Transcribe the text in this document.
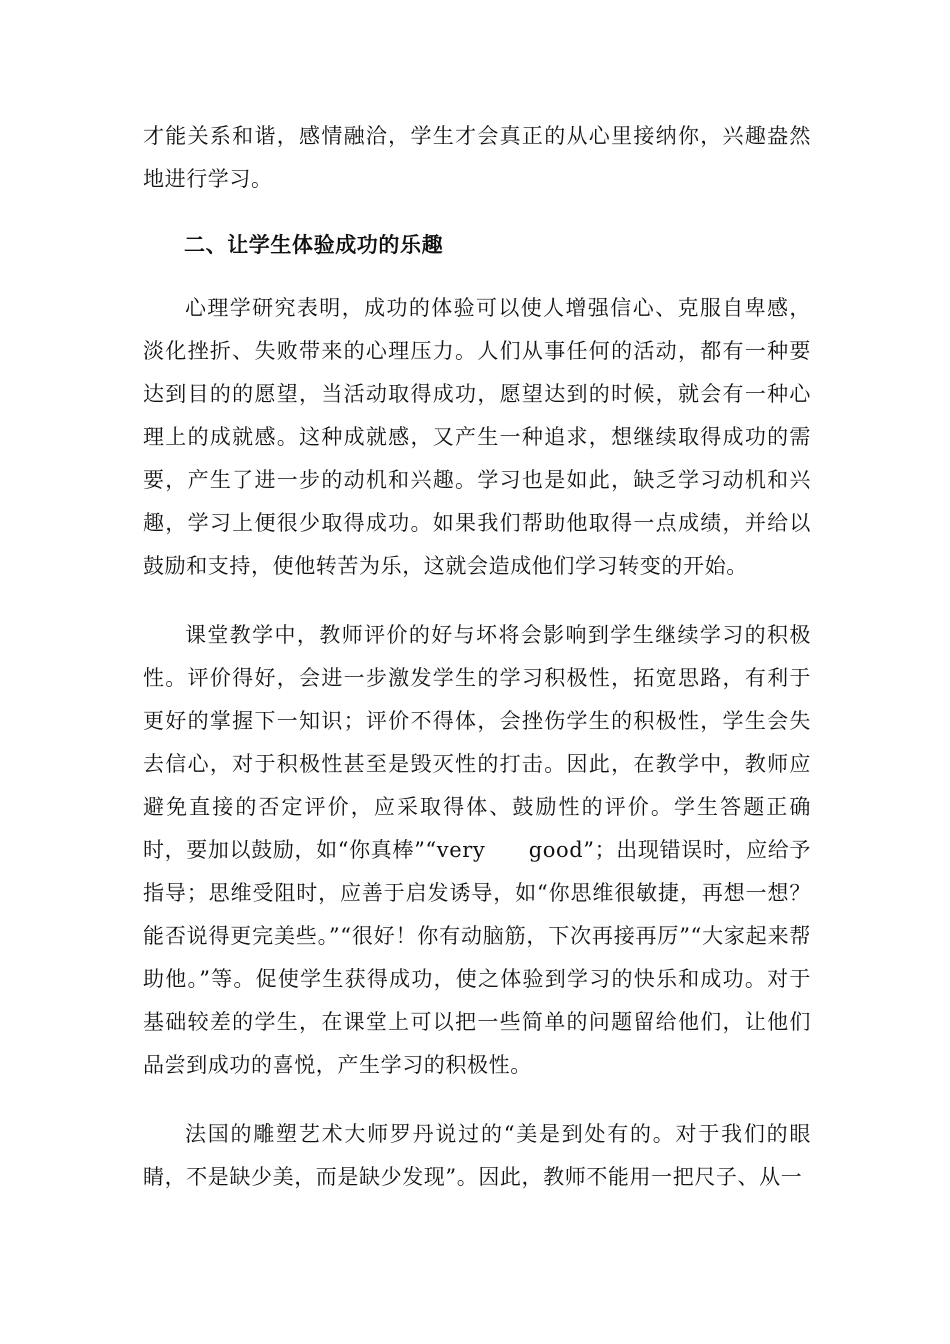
才能关系和谐，感情融洽，学生才会真正的从心里接纳你，兴趣盎然地进行学习。
二、让学生体验成功的乐趣
心理学研究表明，成功的体验可以使人增强信心、克服自卑感，淡化挫折、失败带来的心理压力。人们从事任何的活动，都有一种要达到目的的愿望，当活动取得成功，愿望达到的时候，就会有一种心理上的成就感。这种成就感，又产生一种追求，想继续取得成功的需要，产生了进一步的动机和兴趣。学习也是如此，缺乏学习动机和兴趣，学习上便很少取得成功。如果我们帮助他取得一点成绩，并给以鼓励和支持，使他转苦为乐，这就会造成他们学习转变的开始。
课堂教学中，教师评价的好与坏将会影响到学生继续学习的积极性。评价得好，会进一步激发学生的学习积极性，拓宽思路，有利于更好的掌握下一知识；评价不得体，会挫伤学生的积极性，学生会失去信心，对于积极性甚至是毁灭性的打击。因此，在教学中，教师应避免直接的否定评价，应采取得体、鼓励性的评价。学生答题正确时，要加以鼓励，如“你真棒”“very　　good”；出现错误时，应给予指导；思维受阻时，应善于启发诱导，如“你思维很敏捷，再想一想？能否说得更完美些。”“很好！你有动脑筋，下次再接再厉”“大家起来帮助他。”等。促使学生获得成功，使之体验到学习的快乐和成功。对于基础较差的学生，在课堂上可以把一些简单的问题留给他们，让他们品尝到成功的喜悦，产生学习的积极性。
法国的雕塑艺术大师罗丹说过的“美是到处有的。对于我们的眼睛，不是缺少美，而是缺少发现”。因此，教师不能用一把尺子、从一
